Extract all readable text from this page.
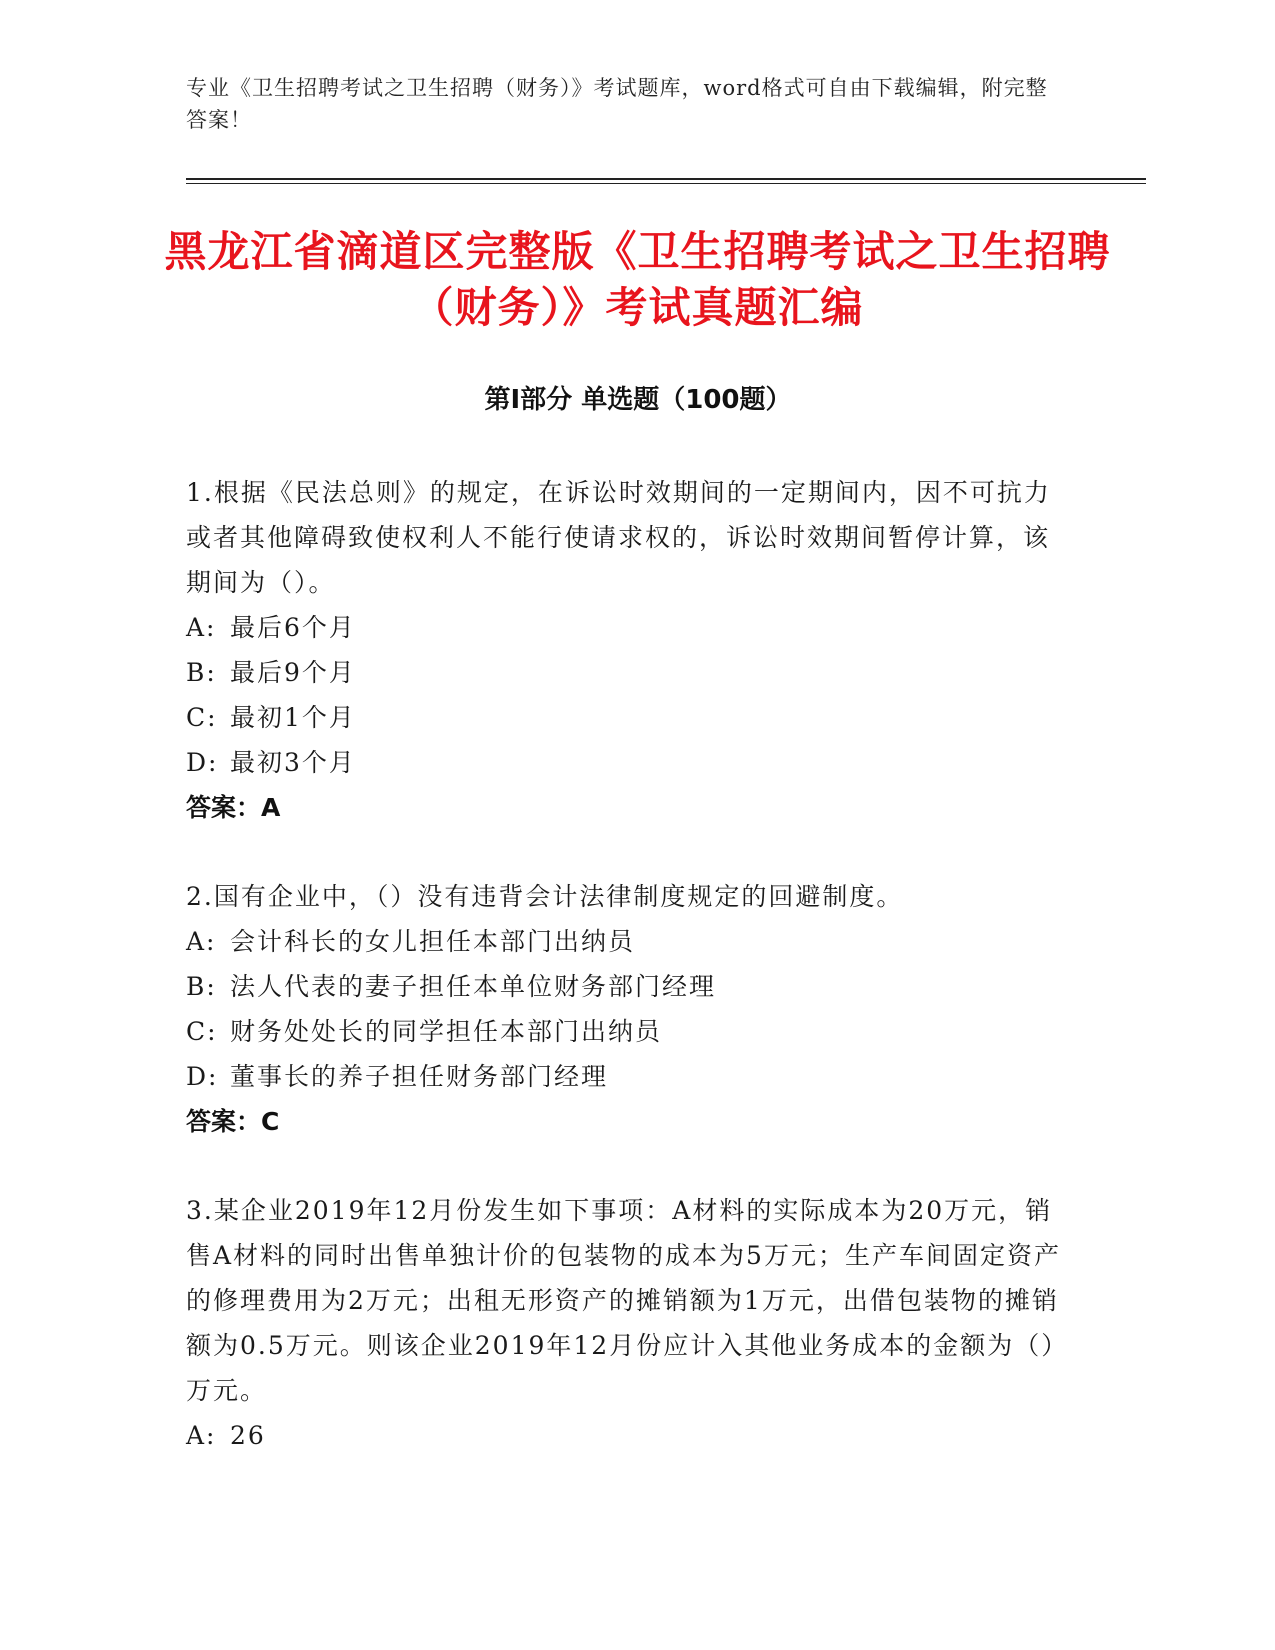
专业《卫生招聘考试之卫生招聘（财务）》考试题库，word格式可自由下载编辑，附完整答案！
黑龙江省滴道区完整版《卫生招聘考试之卫生招聘（财务）》考试真题汇编
第Ⅰ部分 单选题（100题）

1.根据《民法总则》的规定，在诉讼时效期间的一定期间内，因不可抗力或者其他障碍致使权利人不能行使请求权的，诉讼时效期间暂停计算，该期间为（）。

A: 最后6个月
B: 最后9个月
C: 最初1个月
D: 最初3个月

答案：A

2.国有企业中，（）没有违背会计法律制度规定的回避制度。

A: 会计科长的女儿担任本部门出纳员
B: 法人代表的妻子担任本单位财务部门经理
C: 财务处处长的同学担任本部门出纳员
D: 董事长的养子担任财务部门经理

答案：C

3.某企业2019年12月份发生如下事项：A材料的实际成本为20万元，销售A材料的同时出售单独计价的包装物的成本为5万元；生产车间固定资产的修理费用为2万元；出租无形资产的摊销额为1万元，出借包装物的摊销额为0.5万元。则该企业2019年12月份应计入其他业务成本的金额为（）万元。

A: 26
